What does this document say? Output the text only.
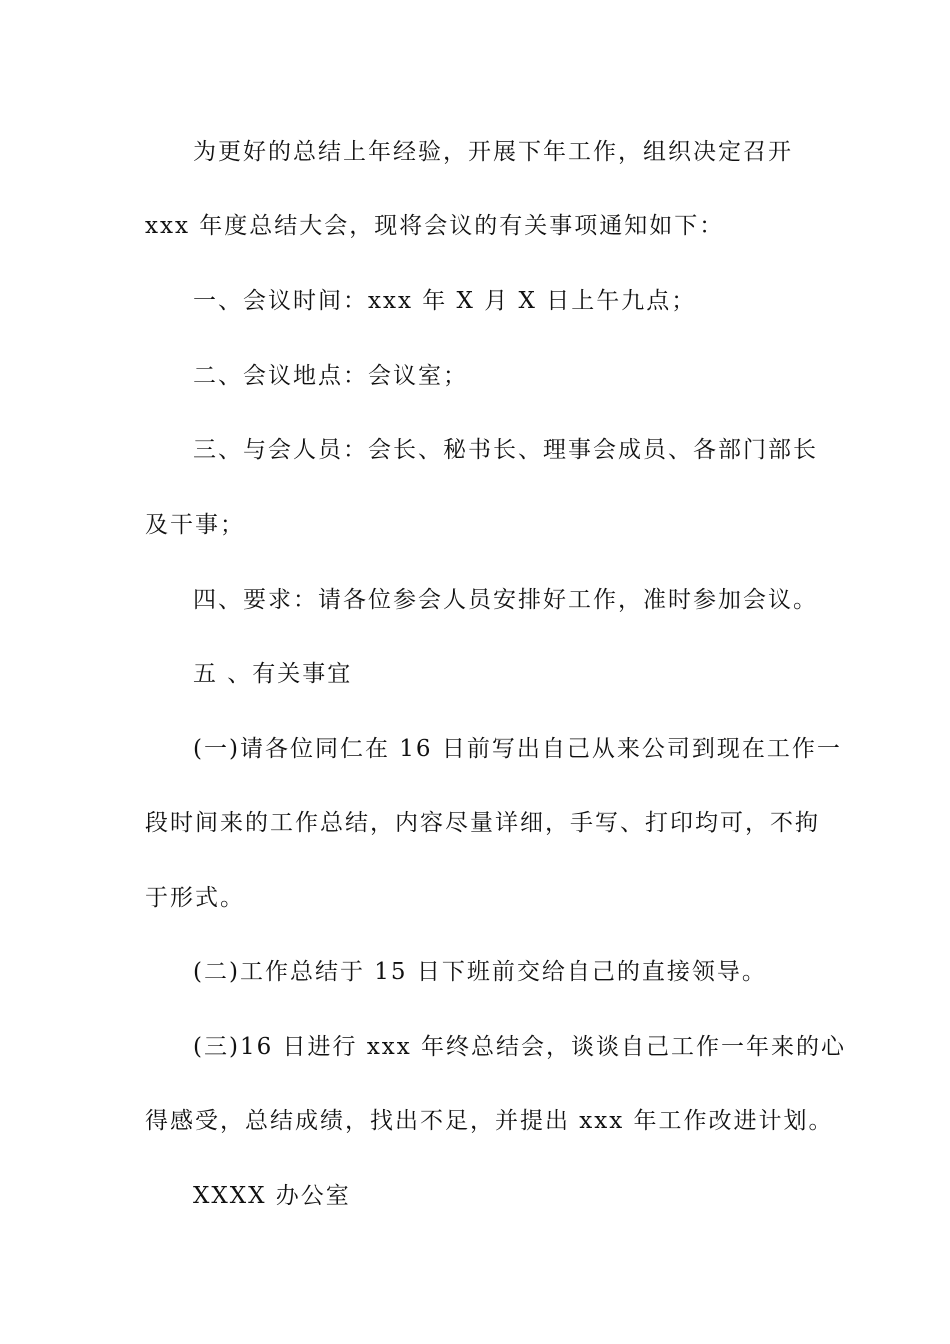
为更好的总结上年经验，开展下年工作，组织决定召开
xxx 年度总结大会，现将会议的有关事项通知如下：
一、会议时间：xxx 年 X 月 X 日上午九点；
二、会议地点：会议室；
三、与会人员：会长、秘书长、理事会成员、各部门部长
及干事；
四、要求：请各位参会人员安排好工作，准时参加会议。
五 、有关事宜
(一)请各位同仁在 16 日前写出自己从来公司到现在工作一
段时间来的工作总结，内容尽量详细，手写、打印均可，不拘
于形式。
(二)工作总结于 15 日下班前交给自己的直接领导。
(三)16 日进行 xxx 年终总结会，谈谈自己工作一年来的心
得感受，总结成绩，找出不足，并提出 xxx 年工作改进计划。
XXXX 办公室
